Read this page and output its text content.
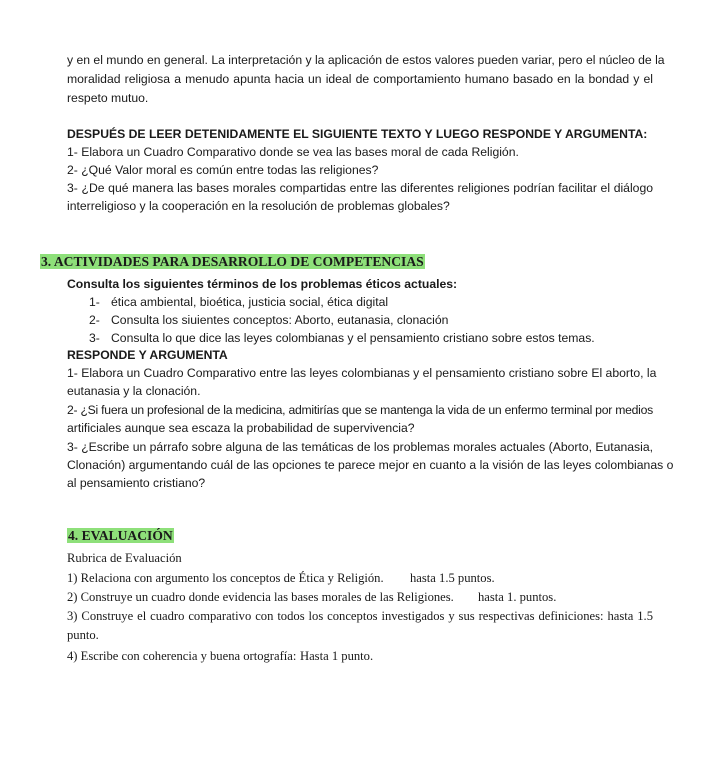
y en el mundo en general. La interpretación y la aplicación de estos valores pueden variar, pero el núcleo de la
moralidad religiosa a menudo apunta hacia un ideal de comportamiento humano basado en la bondad y el
respeto mutuo.
DESPUÉS DE LEER DETENIDAMENTE EL SIGUIENTE TEXTO Y LUEGO RESPONDE Y ARGUMENTA:
1- Elabora un Cuadro Comparativo donde se vea las bases moral de cada Religión.
2- ¿Qué Valor moral es común entre todas las religiones?
3- ¿De qué manera las bases morales compartidas entre las diferentes religiones podrían facilitar el diálogo
interreligioso y la cooperación en la resolución de problemas globales?
3. ACTIVIDADES PARA DESARROLLO DE COMPETENCIAS
Consulta los siguientes términos de los problemas éticos actuales:
1- ética ambiental, bioética, justicia social, ética digital
2- Consulta los siuientes conceptos: Aborto, eutanasia, clonación
3- Consulta lo que dice las leyes colombianas y el pensamiento cristiano sobre estos temas.
RESPONDE Y ARGUMENTA
1- Elabora un Cuadro Comparativo entre las leyes colombianas y el pensamiento cristiano sobre El aborto, la
eutanasia y la clonación.
2- ¿Si fuera un profesional de la medicina, admitirías que se mantenga la vida de un enfermo terminal por medios
artificiales aunque sea escaza la probabilidad de supervivencia?
3- ¿Escribe un párrafo sobre alguna de las temáticas de los problemas morales actuales (Aborto, Eutanasia,
Clonación) argumentando cuál de las opciones te parece mejor en cuanto a la visión de las leyes colombianas o
al pensamiento cristiano?
4. EVALUACIÓN
Rubrica de Evaluación
1) Relaciona con argumento los conceptos de Ética y Religión. hasta 1.5 puntos.
2) Construye un cuadro donde evidencia las bases morales de las Religiones. hasta 1. puntos.
3) Construye el cuadro comparativo con todos los conceptos investigados y sus respectivas definiciones: hasta 1.5
punto.
4) Escribe con coherencia y buena ortografía: Hasta 1 punto.
